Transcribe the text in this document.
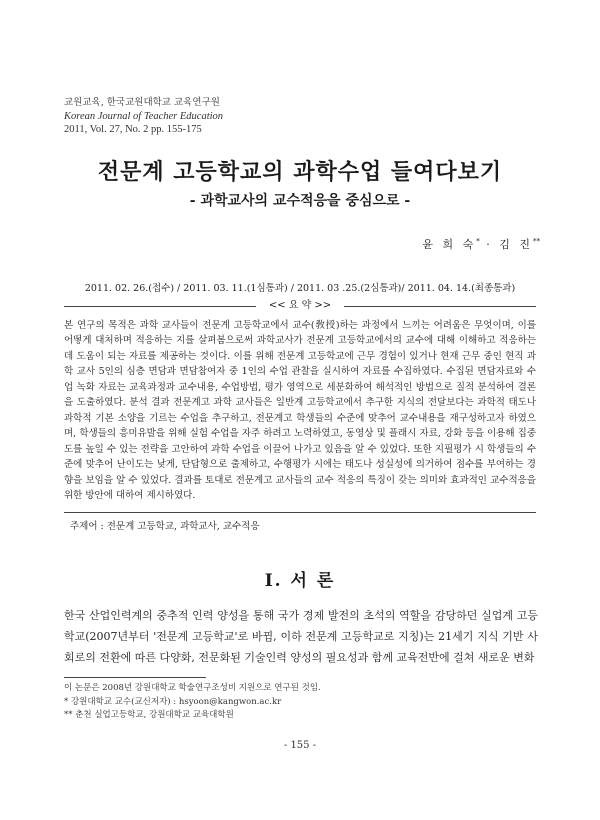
교원교육, 한국교원대학교 교육연구원
Korean Journal of Teacher Education
2011, Vol. 27, No. 2 pp. 155-175
전문계 고등학교의 과학수업 들여다보기
- 과학교사의 교수적응을 중심으로 -
윤 희 숙* · 김 진**
2011. 02. 26.(접수) / 2011. 03. 11.(1심통과) / 2011. 03 .25.(2심통과)/ 2011. 04. 14.(최종통과)
<< 요 약 >>
본 연구의 목적은 과학 교사들이 전문계 고등학교에서 교수(敎授)하는 과정에서 느끼는 어려움은 무엇이며, 이를 어떻게 대처하며 적응하는 지를 살펴봄으로써 과학교사가 전문계 고등학교에서의 교수에 대해 이해하고 적응하는 데 도움이 되는 자료를 제공하는 것이다. 이를 위해 전문계 고등학교에 근무 경험이 있거나 현재 근무 중인 현직 과학 교사 5인의 심층 면담과 면담참여자 중 1인의 수업 관찰을 실시하여 자료를 수집하였다. 수집된 면담자료와 수업 녹화 자료는 교육과정과 교수내용, 수업방법, 평가 영역으로 세분화하여 해석적인 방법으로 질적 분석하여 결론을 도출하였다. 분석 결과 전문계고 과학 교사들은 일반계 고등학교에서 추구한 지식의 전달보다는 과학적 태도나 과학적 기본 소양을 기르는 수업을 추구하고, 전문계고 학생들의 수준에 맞추어 교수내용을 재구성하고자 하였으며, 학생들의 흥미유발을 위해 실험 수업을 자주 하려고 노력하였고, 동영상 및 플래시 자료, 강화 등을 이용해 집중도를 높일 수 있는 전략을 고안하여 과학 수업을 이끌어 나가고 있음을 알 수 있었다. 또한 지필평가 시 학생들의 수준에 맞추어 난이도는 낮게, 단답형으로 출제하고, 수행평가 시에는 태도나 성실성에 의거하여 점수를 부여하는 경향을 보임을 알 수 있었다. 결과를 토대로 전문계고 교사들의 교수 적응의 특징이 갖는 의미와 효과적인 교수적응을 위한 방안에 대하여 제시하였다.
주제어 : 전문계 고등학교, 과학교사, 교수적응
Ⅰ. 서 론
한국 산업인력계의 중추적 인력 양성을 통해 국가 경제 발전의 초석의 역할을 감당하던 실업계 고등학교(2007년부터 '전문계 고등학교'로 바뀜, 이하 전문계 고등학교로 지칭)는 21세기 지식 기반 사회로의 전환에 따른 다양화, 전문화된 기술인력 양성의 필요성과 함께 교육전반에 걸쳐 새로운 변화
이 논문은 2008년 강원대학교 학술연구조성비 지원으로 연구된 것임.
* 강원대학교 교수(교신저자) : hsyoon@kangwon.ac.kr
** 춘천 실업고등학교, 강원대학교 교육대학원
- 155 -
